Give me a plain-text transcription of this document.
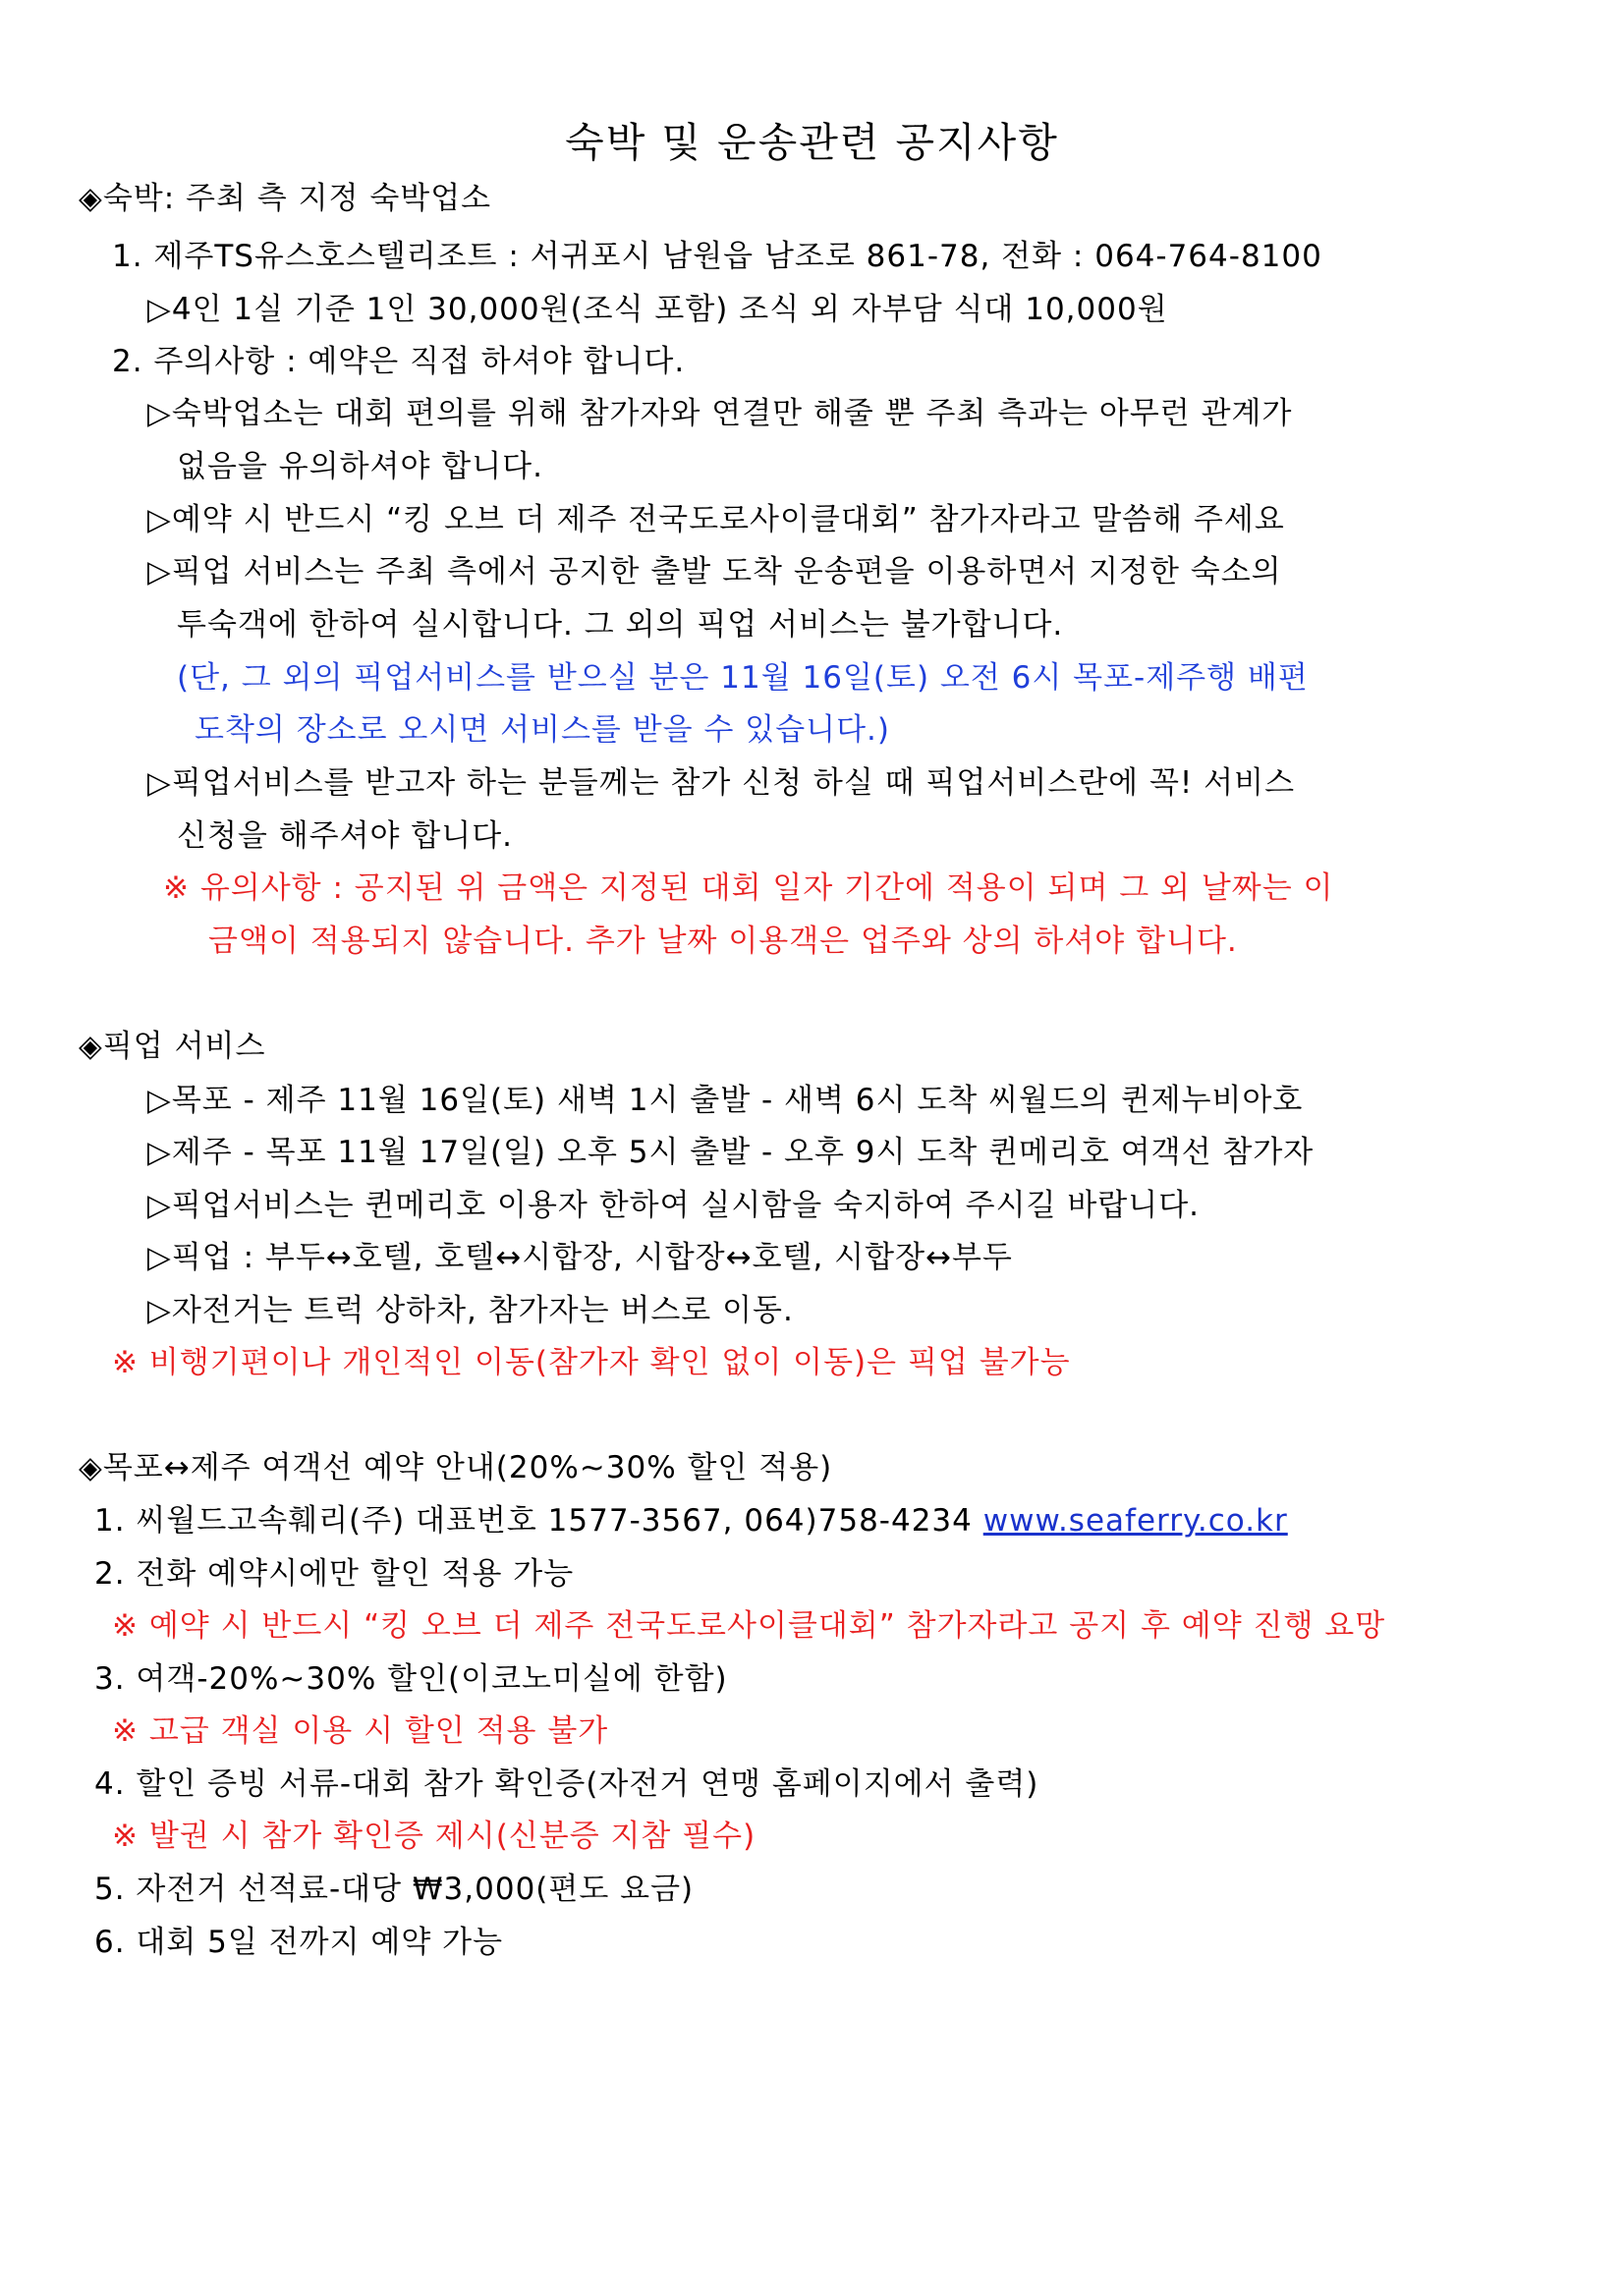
숙박 및 운송관련 공지사항
◈숙박: 주최 측 지정 숙박업소
1. 제주TS유스호스텔리조트 : 서귀포시 남원읍 남조로 861-78, 전화 : 064-764-8100
▷4인 1실 기준 1인 30,000원(조식 포함) 조식 외 자부담 식대 10,000원
2. 주의사항 : 예약은 직접 하셔야 합니다.
▷숙박업소는 대회 편의를 위해 참가자와 연결만 해줄 뿐 주최 측과는 아무런 관계가
없음을 유의하셔야 합니다.
▷예약 시 반드시 “킹 오브 더 제주 전국도로사이클대회” 참가자라고 말씀해 주세요
▷픽업 서비스는 주최 측에서 공지한 출발 도착 운송편을 이용하면서 지정한 숙소의
투숙객에 한하여 실시합니다. 그 외의 픽업 서비스는 불가합니다.
(단, 그 외의 픽업서비스를 받으실 분은 11월 16일(토) 오전 6시 목포-제주행 배편
도착의 장소로 오시면 서비스를 받을 수 있습니다.)
▷픽업서비스를 받고자 하는 분들께는 참가 신청 하실 때 픽업서비스란에 꼭! 서비스
신청을 해주셔야 합니다.
※ 유의사항 : 공지된 위 금액은 지정된 대회 일자 기간에 적용이 되며 그 외 날짜는 이
금액이 적용되지 않습니다. 추가 날짜 이용객은 업주와 상의 하셔야 합니다.
◈픽업 서비스
▷목포 - 제주 11월 16일(토) 새벽 1시 출발 - 새벽 6시 도착 씨월드의 퀸제누비아호
▷제주 - 목포 11월 17일(일) 오후 5시 출발 - 오후 9시 도착 퀸메리호 여객선 참가자
▷픽업서비스는 퀸메리호 이용자 한하여 실시함을 숙지하여 주시길 바랍니다.
▷픽업 : 부두↔호텔, 호텔↔시합장, 시합장↔호텔, 시합장↔부두
▷자전거는 트럭 상하차, 참가자는 버스로 이동.
※ 비행기편이나 개인적인 이동(참가자 확인 없이 이동)은 픽업 불가능
◈목포↔제주 여객선 예약 안내(20%~30% 할인 적용)
1. 씨월드고속훼리(주) 대표번호 1577-3567, 064)758-4234 www.seaferry.co.kr
2. 전화 예약시에만 할인 적용 가능
※ 예약 시 반드시 “킹 오브 더 제주 전국도로사이클대회” 참가자라고 공지 후 예약 진행 요망
3. 여객-20%~30% 할인(이코노미실에 한함)
※ 고급 객실 이용 시 할인 적용 불가
4. 할인 증빙 서류-대회 참가 확인증(자전거 연맹 홈페이지에서 출력)
※ 발권 시 참가 확인증 제시(신분증 지참 필수)
5. 자전거 선적료-대당 ₩3,000(편도 요금)
6. 대회 5일 전까지 예약 가능
